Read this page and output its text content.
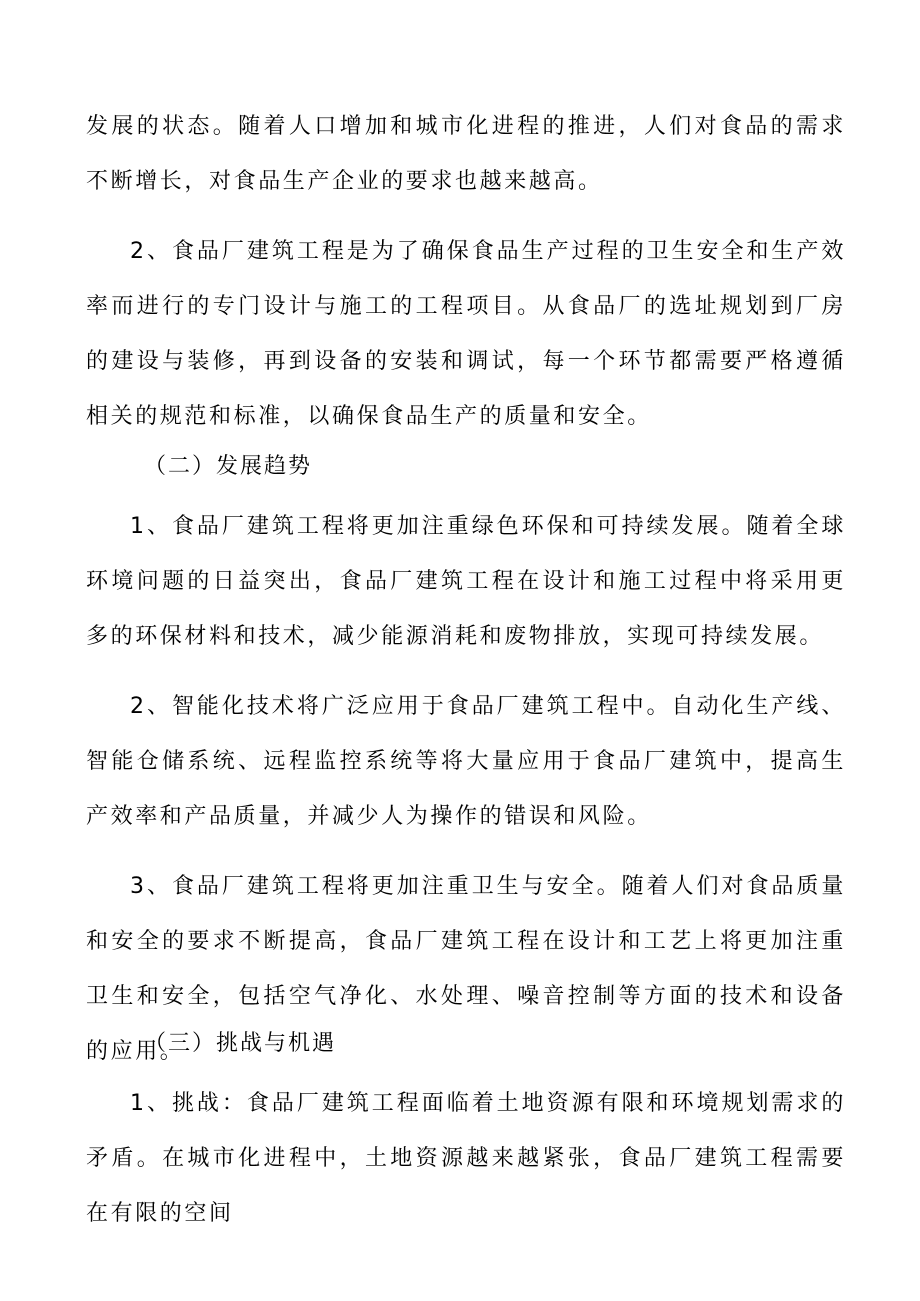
发展的状态。随着人口增加和城市化进程的推进，人们对食品的需求不断增长，对食品生产企业的要求也越来越高。

2、食品厂建筑工程是为了确保食品生产过程的卫生安全和生产效率而进行的专门设计与施工的工程项目。从食品厂的选址规划到厂房的建设与装修，再到设备的安装和调试，每一个环节都需要严格遵循相关的规范和标准，以确保食品生产的质量和安全。

（二）发展趋势

1、食品厂建筑工程将更加注重绿色环保和可持续发展。随着全球环境问题的日益突出，食品厂建筑工程在设计和施工过程中将采用更多的环保材料和技术，减少能源消耗和废物排放，实现可持续发展。

2、智能化技术将广泛应用于食品厂建筑工程中。自动化生产线、智能仓储系统、远程监控系统等将大量应用于食品厂建筑中，提高生产效率和产品质量，并减少人为操作的错误和风险。

3、食品厂建筑工程将更加注重卫生与安全。随着人们对食品质量和安全的要求不断提高，食品厂建筑工程在设计和工艺上将更加注重卫生和安全，包括空气净化、水处理、噪音控制等方面的技术和设备的应用。

（三）挑战与机遇

1、挑战：食品厂建筑工程面临着土地资源有限和环境规划需求的矛盾。在城市化进程中，土地资源越来越紧张，食品厂建筑工程需要在有限的空间
